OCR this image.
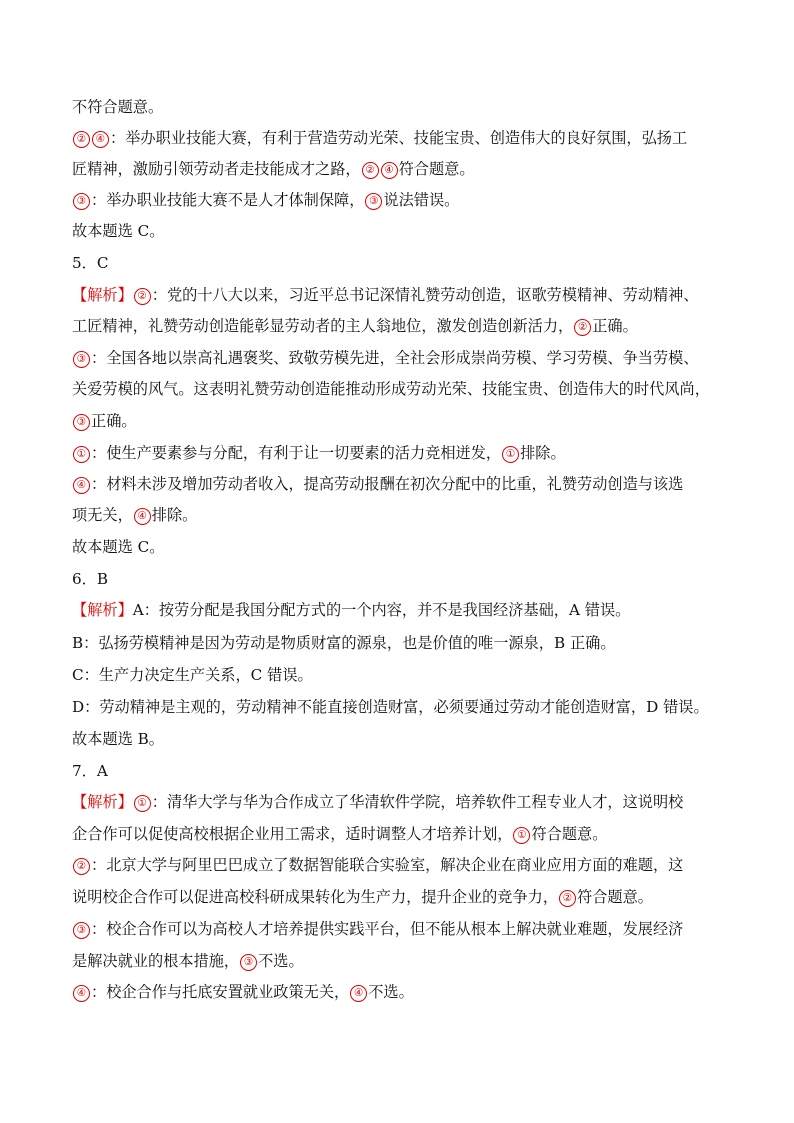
不符合题意。
② ④ ：举办职业技能大赛，有利于营造劳动光荣、技能宝贵、创造伟大的良好氛围，弘扬工
匠精神，激励引领劳动者走技能成才之路， ② ④ 符合题意。
③ ：举办职业技能大赛不是人才体制保障， ③ 说法错误。
故本题选 C。
5．C
【解析】 ② ：党的十八大以来，习近平总书记深情礼赞劳动创造，讴歌劳模精神、劳动精神、
工匠精神，礼赞劳动创造能彰显劳动者的主人翁地位，激发创造创新活力， ② 正确。
③ ：全国各地以崇高礼遇褒奖、致敬劳模先进，全社会形成崇尚劳模、学习劳模、争当劳模、
关爱劳模的风气。这表明礼赞劳动创造能推动形成劳动光荣、技能宝贵、创造伟大的时代风尚，
③ 正确。
① ：使生产要素参与分配，有利于让一切要素的活力竞相迸发， ① 排除。
④ ：材料未涉及增加劳动者收入，提高劳动报酬在初次分配中的比重，礼赞劳动创造与该选
项无关， ④ 排除。
故本题选 C。
6．B
【解析】A：按劳分配是我国分配方式的一个内容，并不是我国经济基础，A 错误。
B：弘扬劳模精神是因为劳动是物质财富的源泉，也是价值的唯一源泉，B 正确。
C：生产力决定生产关系，C 错误。
D：劳动精神是主观的，劳动精神不能直接创造财富，必须要通过劳动才能创造财富，D 错误。
故本题选 B。
7．A
【解析】 ① ：清华大学与华为合作成立了华清软件学院，培养软件工程专业人才，这说明校
企合作可以促使高校根据企业用工需求，适时调整人才培养计划， ① 符合题意。
② ：北京大学与阿里巴巴成立了数据智能联合实验室，解决企业在商业应用方面的难题，这
说明校企合作可以促进高校科研成果转化为生产力，提升企业的竞争力， ② 符合题意。
③ ：校企合作可以为高校人才培养提供实践平台，但不能从根本上解决就业难题，发展经济
是解决就业的根本措施， ③ 不选。
④ ：校企合作与托底安置就业政策无关， ④ 不选。
